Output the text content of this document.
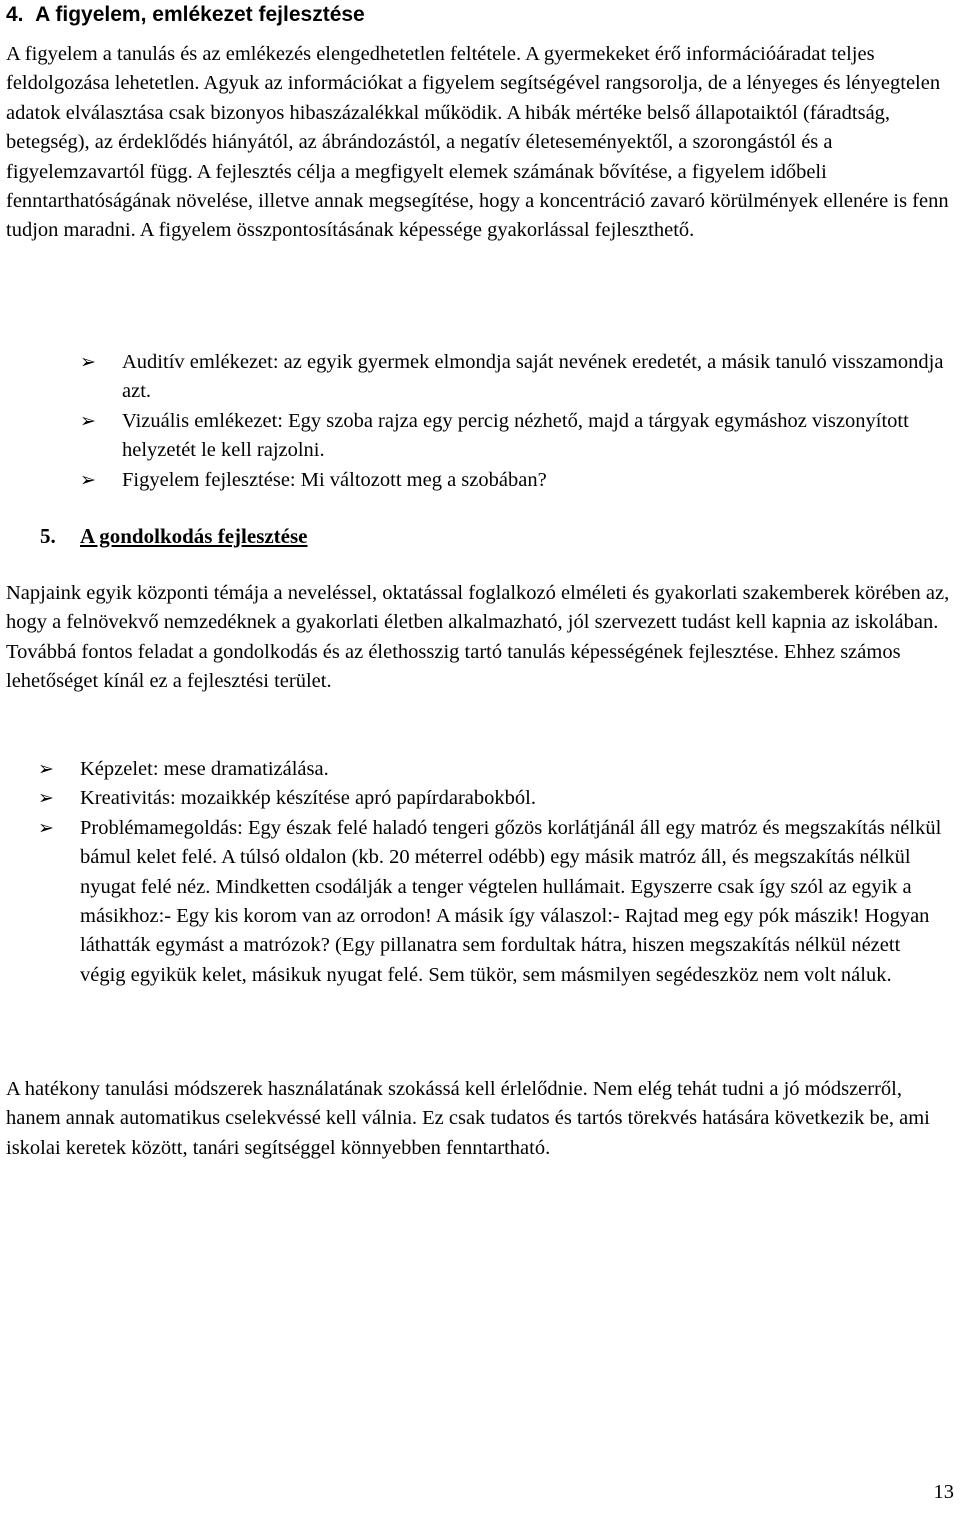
4.  A figyelem, emlékezet fejlesztése
A figyelem a tanulás és az emlékezés elengedhetetlen feltétele. A gyermekeket érő információáradat teljes feldolgozása lehetetlen. Agyuk az információkat a figyelem segítségével rangsorolja, de a lényeges és lényegtelen adatok elválasztása csak bizonyos hibaszázalékkal működik. A hibák mértéke belső állapotaiktól (fáradtság, betegség), az érdeklődés hiányától, az ábrándozástól, a negatív életeseményektől, a szorongástól és a figyelemzavartól függ. A fejlesztés célja a megfigyelt elemek számának bővítése, a figyelem időbeli fenntarthatóságának növelése, illetve annak megsegítése, hogy a koncentráció zavaró körülmények ellenére is fenn tudjon maradni. A figyelem összpontosításának képessége gyakorlással fejleszthető.
➢ Auditív emlékezet: az egyik gyermek elmondja saját nevének eredetét, a másik tanuló visszamondja azt.
➢ Vizuális emlékezet: Egy szoba rajza egy percig nézhető, majd a tárgyak egymáshoz viszonyított helyzetét le kell rajzolni.
➢ Figyelem fejlesztése: Mi változott meg a szobában?
5. A gondolkodás fejlesztése
Napjaink egyik központi témája a neveléssel, oktatással foglalkozó elméleti és gyakorlati szakemberek körében az, hogy a felnövekvő nemzedéknek a gyakorlati életben alkalmazható, jól szervezett tudást kell kapnia az iskolában. Továbbá fontos feladat a gondolkodás és az élethosszig tartó tanulás képességének fejlesztése. Ehhez számos lehetőséget kínál ez a fejlesztési terület.
➢ Képzelet: mese dramatizálása.
➢ Kreativitás: mozaikkép készítése apró papírdarabokból.
➢ Problémamegoldás: Egy észak felé haladó tengeri gőzös korlátjánál áll egy matróz és megszakítás nélkül bámul kelet felé. A túlsó oldalon (kb. 20 méterrel odébb) egy másik matróz áll, és megszakítás nélkül nyugat felé néz. Mindketten csodálják a tenger végtelen hullámait. Egyszerre csak így szól az egyik a másikhoz:- Egy kis korom van az orrodon! A másik így válaszol:- Rajtad meg egy pók mászik! Hogyan láthatták egymást a matrózok? (Egy pillanatra sem fordultak hátra, hiszen megszakítás nélkül nézett végig egyikük kelet, másikuk nyugat felé. Sem tükör, sem másmilyen segédeszköz nem volt náluk.
A hatékony tanulási módszerek használatának szokássá kell érlelődnie. Nem elég tehát tudni a jó módszerről, hanem annak automatikus cselekvéssé kell válnia. Ez csak tudatos és tartós törekvés hatására következik be, ami iskolai keretek között, tanári segítséggel könnyebben fenntartható.
13
